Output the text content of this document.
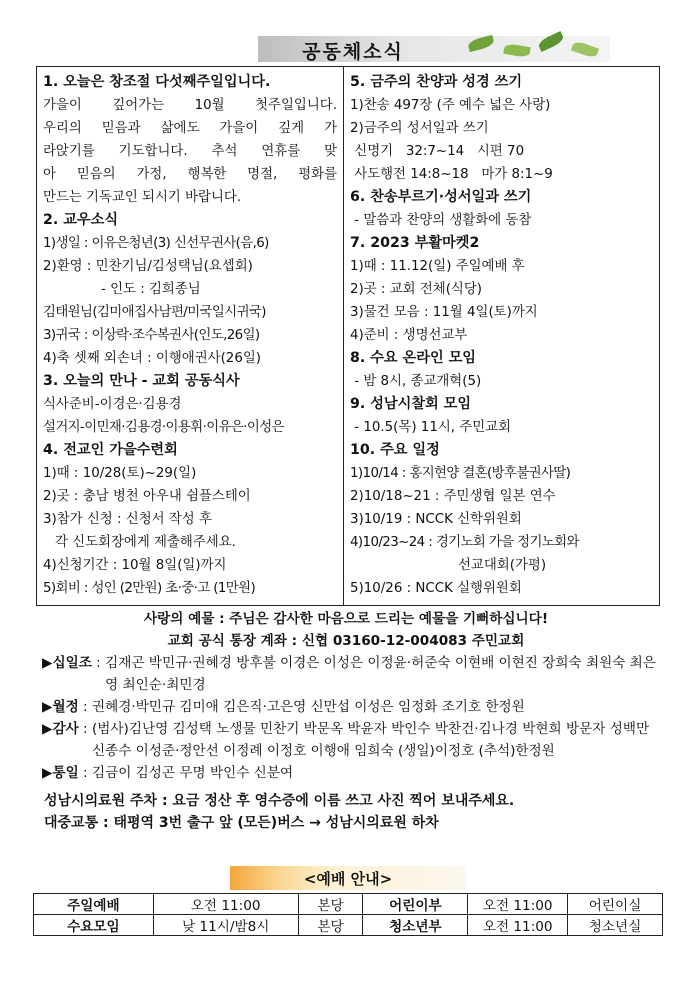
공동체소식
1. 오늘은 창조절 다섯째주일입니다.
가을이 깊어가는 10월 첫주일입니다.
우리의 믿음과 삶에도 가을이 깊게 가
라앉기를 기도합니다. 추석 연휴를 맞
아 믿음의 가정, 행복한 명절, 평화를
만드는 기독교인 되시기 바랍니다.
2. 교우소식
1)생일 : 이유은청년(3) 신선무권사(음,6)
2)환영 : 민찬기님/김성택님(요셉회)
- 인도 : 김희종님
김태원님(김미애집사남편/미국일시귀국)
3)귀국 : 이상락·조수복권사(인도,26일)
4)축 셋째 외손녀 : 이행애권사(26일)
3. 오늘의 만나 - 교회 공동식사
식사준비-이경은·김용경
설거지-이민재·김용경·이용휘·이유은·이성은
4. 전교인 가을수련회
1)때 : 10/28(토)~29(일)
2)곳 : 충남 병천 아우내 쉼플스테이
3)참가 신청 : 신청서 작성 후
각 신도회장에게 제출해주세요.
4)신청기간 : 10월 8일(일)까지
5)회비 : 성인 (2만원) 초·중·고 (1만원)
5. 금주의 찬양과 성경 쓰기
1)찬송 497장 (주 예수 넓은 사랑)
2)금주의 성서일과 쓰기
신명기   32:7~14   시편 70
사도행전 14:8~18   마가 8:1~9
6. 찬송부르기·성서일과 쓰기
- 말씀과 찬양의 생활화에 동참
7. 2023 부활마켓2
1)때 : 11.12(일) 주일예배 후
2)곳 : 교회 전체(식당)
3)물건 모음 : 11월 4일(토)까지
4)준비 : 생명선교부
8. 수요 온라인 모임
- 밤 8시, 종교개혁(5)
9. 성남시찰회 모임
- 10.5(목) 11시, 주민교회
10. 주요 일정
1)10/14 : 홍지현양 결혼(방후불권사딸)
2)10/18~21 : 주민생협 일본 연수
3)10/19 : NCCK 신학위원회
4)10/23~24 : 경기노회 가을 정기노회와
선교대회(가평)
5)10/26 : NCCK 실행위원회
사랑의 예물 : 주님은 감사한 마음으로 드리는 예물을 기뻐하십니다!
교회 공식 통장 계좌 : 신협 03160-12-004083 주민교회
▶십일조 : 김재곤 박민규·권혜경 방후불 이경은 이성은 이정윤·허준숙 이현배 이현진 장희숙 최원숙 최은영 최인순·최민경
▶월정 : 권혜경·박민규 김미애 김은직·고은영 신만섭 이성은 임정화 조기호 한정원
▶감사 : (범사)김난영 김성택 노생물 민찬기 박문옥 박윤자 박인수 박찬건·김나경 박현희 방문자 성백만 신종수 이성준·정안선 이정례 이정호 이행애 임희숙 (생일)이정호 (추석)한정원
▶통일 : 김금이 김성곤 무명 박인수 신분여
성남시의료원 주차 : 요금 정산 후 영수증에 이름 쓰고 사진 찍어 보내주세요.
대중교통 : 태평역 3번 출구 앞 (모든)버스 → 성남시의료원 하차
<예배 안내>
주일예배	오전 11:00	본당	어린이부	오전 11:00	어린이실
수요모임	낮 11시/밤8시	본당	청소년부	오전 11:00	청소년실
